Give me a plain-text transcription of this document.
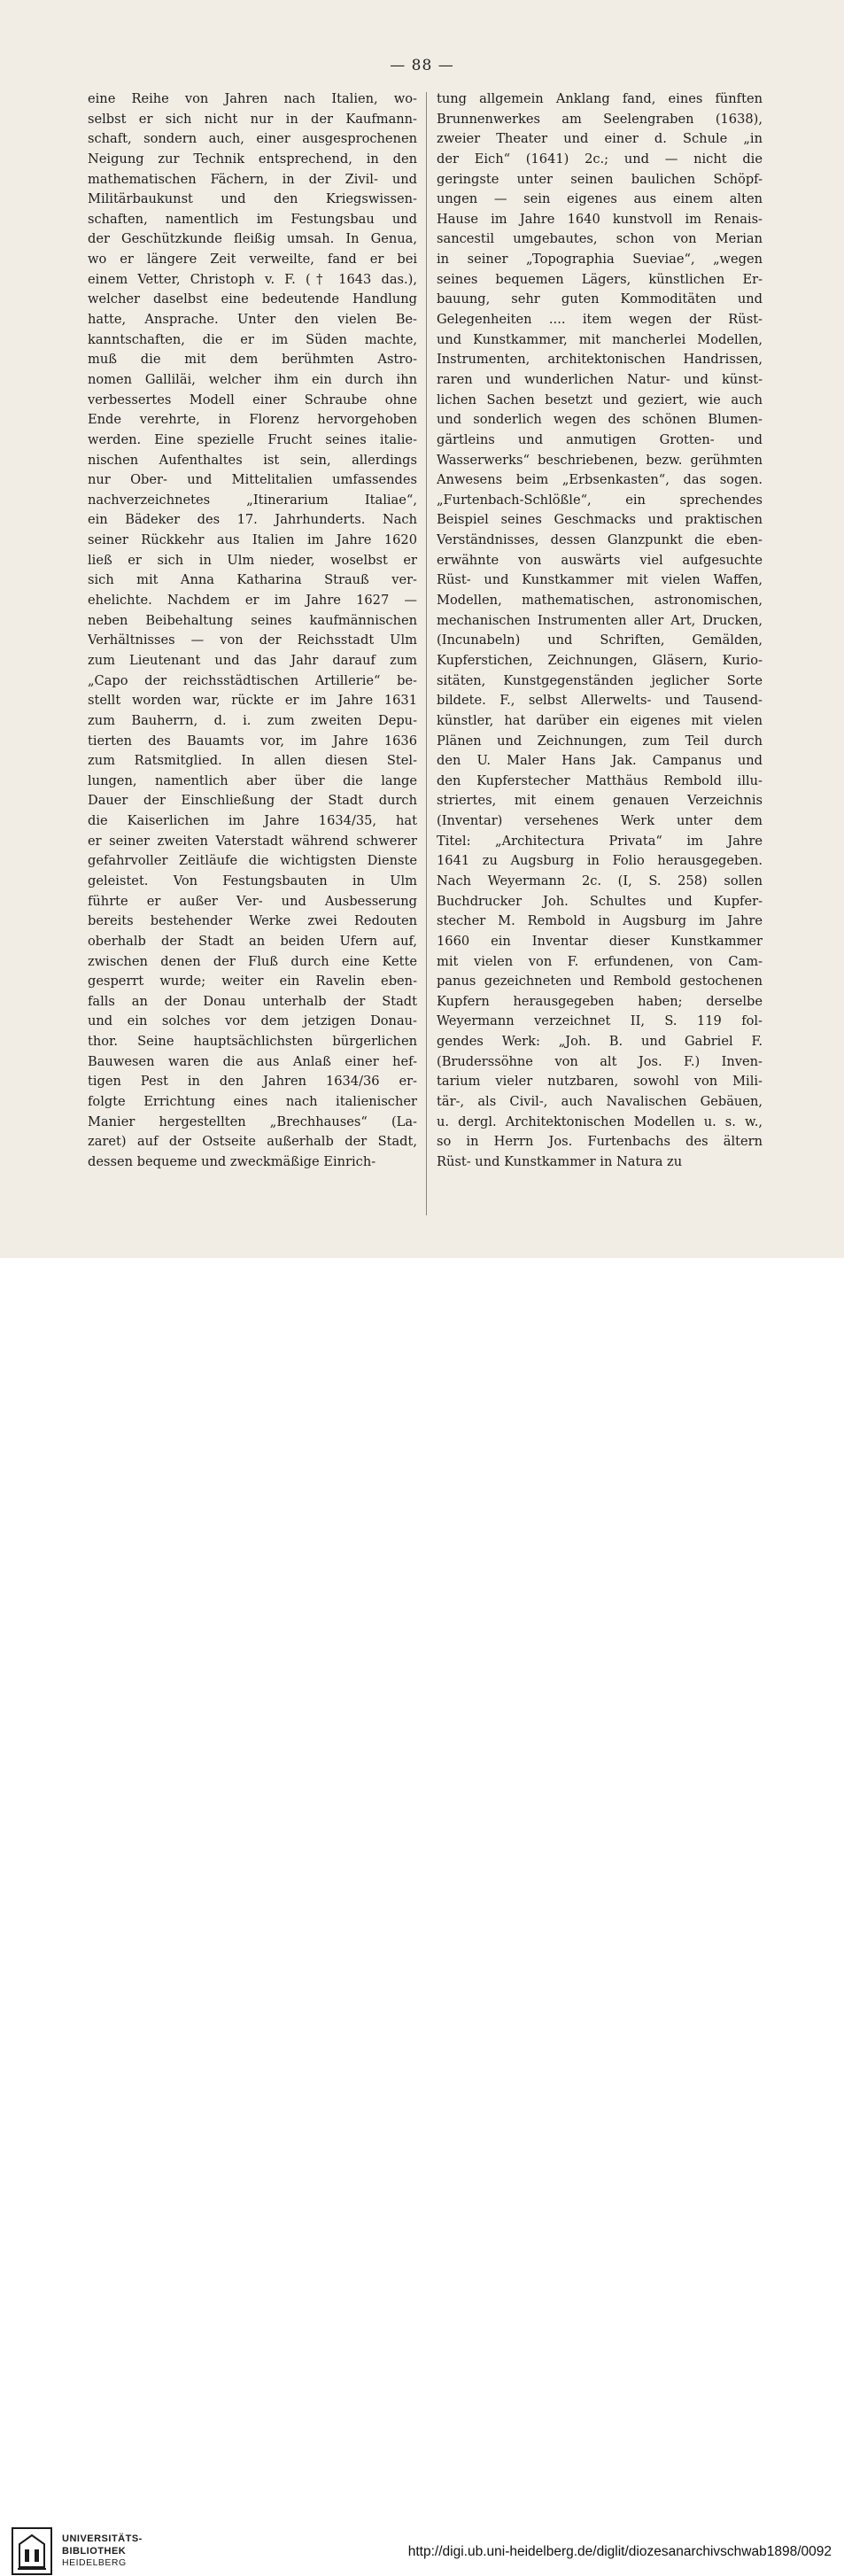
— 88 —
eine Reihe von Jahren nach Italien, wo-
selbst er sich nicht nur in der Kaufmann-
schaft, sondern auch, einer ausgesprochenen
Neigung zur Technik entsprechend, in den
mathematischen Fächern, in der Zivil- und
Militärbaukunst und den Kriegswissen-
schaften, namentlich im Festungsbau und
der Geschützkunde fleißig umsah. In Genua,
wo er längere Zeit verweilte, fand er bei
einem Vetter, Christoph v. F. († 1643 das.),
welcher daselbst eine bedeutende Handlung
hatte, Ansprache. Unter den vielen Be-
kanntschaften, die er im Süden machte,
muß die mit dem berühmten Astro-
nomen Galliläi, welcher ihm ein durch ihn
verbessertes Modell einer Schraube ohne
Ende verehrte, in Florenz hervorgehoben
werden. Eine spezielle Frucht seines italie-
nischen Aufenthaltes ist sein, allerdings
nur Ober- und Mittelitalien umfassendes
nachverzeichnetes „Itinerarium Italiae“,
ein Bädeker des 17. Jahrhunderts. Nach
seiner Rückkehr aus Italien im Jahre 1620
ließ er sich in Ulm nieder, woselbst er
sich mit Anna Katharina Strauß ver-
ehelichte. Nachdem er im Jahre 1627 —
neben Beibehaltung seines kaufmännischen
Verhältnisses — von der Reichsstadt Ulm
zum Lieutenant und das Jahr darauf zum
„Capo der reichsstädtischen Artillerie“ be-
stellt worden war, rückte er im Jahre 1631
zum Bauherrn, d. i. zum zweiten Depu-
tierten des Bauamts vor, im Jahre 1636
zum Ratsmitglied. In allen diesen Stel-
lungen, namentlich aber über die lange
Dauer der Einschließung der Stadt durch
die Kaiserlichen im Jahre 1634/35, hat
er seiner zweiten Vaterstadt während schwerer
gefahrvoller Zeitläufe die wichtigsten Dienste
geleistet. Von Festungsbauten in Ulm
führte er außer Ver- und Ausbesserung
bereits bestehender Werke zwei Redouten
oberhalb der Stadt an beiden Ufern auf,
zwischen denen der Fluß durch eine Kette
gesperrt wurde; weiter ein Ravelin eben-
falls an der Donau unterhalb der Stadt
und ein solches vor dem jetzigen Donau-
thor. Seine hauptsächlichsten bürgerlichen
Bauwesen waren die aus Anlaß einer hef-
tigen Pest in den Jahren 1634/36 er-
folgte Errichtung eines nach italienischer
Manier hergestellten „Brechhauses“ (La-
zaret) auf der Ostseite außerhalb der Stadt,
dessen bequeme und zweckmäßige Einrich-
tung allgemein Anklang fand, eines fünften
Brunnenwerkes am Seelengraben (1638),
zweier Theater und einer d. Schule „in
der Eich“ (1641) 2c.; und — nicht die
geringste unter seinen baulichen Schöpf-
ungen — sein eigenes aus einem alten
Hause im Jahre 1640 kunstvoll im Renais-
sancestil umgebautes, schon von Merian
in seiner „Topographia Sueviae“, „wegen
seines bequemen Lägers, künstlichen Er-
bauung, sehr guten Kommoditäten und
Gelegenheiten .... item wegen der Rüst-
und Kunstkammer, mit mancherlei Modellen,
Instrumenten, architektonischen Handrissen,
raren und wunderlichen Natur- und künst-
lichen Sachen besetzt und geziert, wie auch
und sonderlich wegen des schönen Blumen-
gärtleins und anmutigen Grotten- und
Wasserwerks“ beschriebenen, bezw. gerühmten
Anwesens beim „Erbsenkasten“, das sogen.
„Furtenbach-Schlößle“, ein sprechendes
Beispiel seines Geschmacks und praktischen
Verständnisses, dessen Glanzpunkt die eben-
erwähnte von auswärts viel aufgesuchte
Rüst- und Kunstkammer mit vielen Waffen,
Modellen, mathematischen, astronomischen,
mechanischen Instrumenten aller Art, Drucken,
(Incunabeln) und Schriften, Gemälden,
Kupferstichen, Zeichnungen, Gläsern, Kurio-
sitäten, Kunstgegenständen jeglicher Sorte
bildete. F., selbst Allerwelts- und Tausend-
künstler, hat darüber ein eigenes mit vielen
Plänen und Zeichnungen, zum Teil durch
den U. Maler Hans Jak. Campanus und
den Kupferstecher Matthäus Rembold illu-
striertes, mit einem genauen Verzeichnis
(Inventar) versehenes Werk unter dem
Titel: „Architectura Privata“ im Jahre
1641 zu Augsburg in Folio herausgegeben.
Nach Weyermann 2c. (I, S. 258) sollen
Buchdrucker Joh. Schultes und Kupfer-
stecher M. Rembold in Augsburg im Jahre
1660 ein Inventar dieser Kunstkammer
mit vielen von F. erfundenen, von Cam-
panus gezeichneten und Rembold gestochenen
Kupfern herausgegeben haben; derselbe
Weyermann verzeichnet II, S. 119 fol-
gendes Werk: „Joh. B. und Gabriel F.
(Bruderssöhne von alt Jos. F.) Inven-
tarium vieler nutzbaren, sowohl von Mili-
tär-, als Civil-, auch Navalischen Gebäuen,
u. dergl. Architektonischen Modellen u. s. w.,
so in Herrn Jos. Furtenbachs des ältern
Rüst- und Kunstkammer in Natura zu
UNIVERSITÄTS-
BIBLIOTHEK
HEIDELBERG
http://digi.ub.uni-heidelberg.de/diglit/diozesanarchivschwab1898/0092
